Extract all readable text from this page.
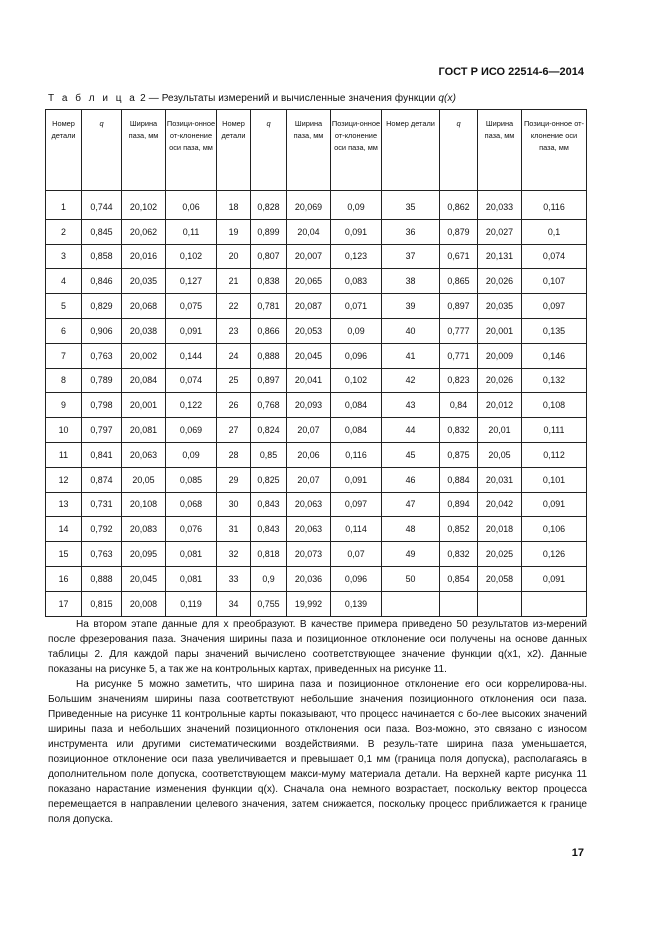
ГОСТ Р ИСО 22514-6—2014
Т а б л и ц а 2 — Результаты измерений и вычисленные значения функции q(x)
Номер детали	q	Ширина паза, мм	Позици-онное от-клонение оси паза, мм	Номер детали	q	Ширина паза, мм	Позици-онное от-клонение оси паза, мм	Номер детали	q	Ширина паза, мм	Позици-онное от-клонение оси паза, мм
1	0,744	20,102	0,06	18	0,828	20,069	0,09	35	0,862	20,033	0,116
2	0,845	20,062	0,11	19	0,899	20,04	0,091	36	0,879	20,027	0,1
3	0,858	20,016	0,102	20	0,807	20,007	0,123	37	0,671	20,131	0,074
4	0,846	20,035	0,127	21	0,838	20,065	0,083	38	0,865	20,026	0,107
5	0,829	20,068	0,075	22	0,781	20,087	0,071	39	0,897	20,035	0,097
6	0,906	20,038	0,091	23	0,866	20,053	0,09	40	0,777	20,001	0,135
7	0,763	20,002	0,144	24	0,888	20,045	0,096	41	0,771	20,009	0,146
8	0,789	20,084	0,074	25	0,897	20,041	0,102	42	0,823	20,026	0,132
9	0,798	20,001	0,122	26	0,768	20,093	0,084	43	0,84	20,012	0,108
10	0,797	20,081	0,069	27	0,824	20,07	0,084	44	0,832	20,01	0,111
11	0,841	20,063	0,09	28	0,85	20,06	0,116	45	0,875	20,05	0,112
12	0,874	20,05	0,085	29	0,825	20,07	0,091	46	0,884	20,031	0,101
13	0,731	20,108	0,068	30	0,843	20,063	0,097	47	0,894	20,042	0,091
14	0,792	20,083	0,076	31	0,843	20,063	0,114	48	0,852	20,018	0,106
15	0,763	20,095	0,081	32	0,818	20,073	0,07	49	0,832	20,025	0,126
16	0,888	20,045	0,081	33	0,9	20,036	0,096	50	0,854	20,058	0,091
17	0,815	20,008	0,119	34	0,755	19,992	0,139				

На втором этапе данные для x преобразуют. В качестве примера приведено 50 результатов из-мерений после фрезерования паза. Значения ширины паза и позиционное отклонение оси получены на основе данных таблицы 2. Для каждой пары значений вычислено соответствующее значение функции q(x1, x2). Данные показаны на рисунке 5, а так же на контрольных картах, приведенных на рисунке 11.

На рисунке 5 можно заметить, что ширина паза и позиционное отклонение его оси коррелирова-ны. Большим значениям ширины паза соответствуют небольшие значения позиционного отклонения оси паза. Приведенные на рисунке 11 контрольные карты показывают, что процесс начинается с бо-лее высоких значений ширины паза и небольших значений позиционного отклонения оси паза. Воз-можно, это связано с износом инструмента или другими систематическими воздействиями. В резуль-тате ширина паза уменьшается, позиционное отклонение оси паза увеличивается и превышает 0,1 мм (граница поля допуска), располагаясь в дополнительном поле допуска, соответствующем макси-муму материала детали. На верхней карте рисунка 11 показано нарастание изменения функции q(x). Сначала она немного возрастает, поскольку вектор процесса перемещается в направлении целевого значения, затем снижается, поскольку процесс приближается к границе поля допуска.

17
